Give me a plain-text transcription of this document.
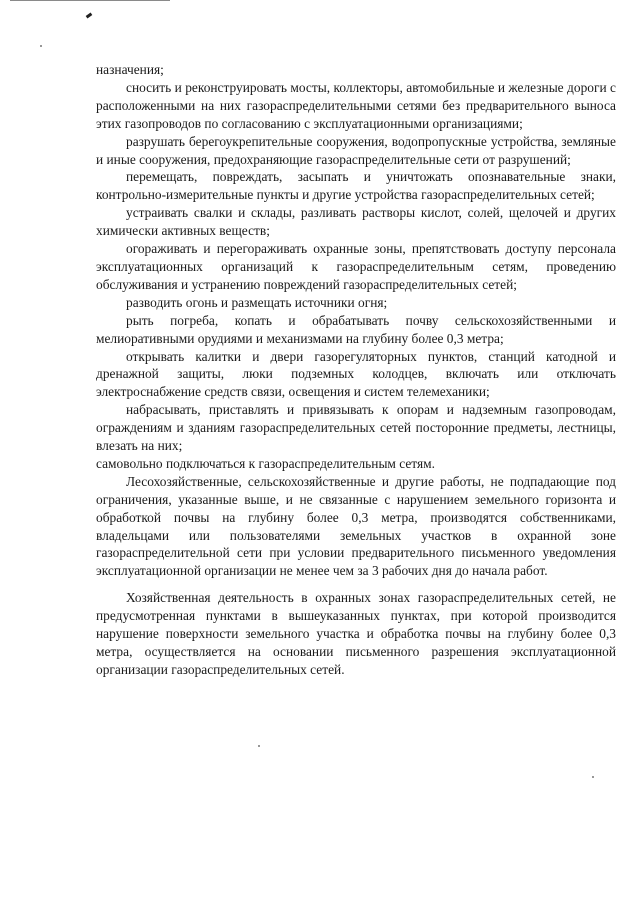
назначения;

сносить и реконструировать мосты, коллекторы, автомобильные и железные дороги с расположенными на них газораспределительными сетями без предварительного выноса этих газопроводов по согласованию с эксплуатационными организациями;

разрушать берегоукрепительные сооружения, водопропускные устройства, земляные и иные сооружения, предохраняющие газораспределительные сети от разрушений;

перемещать, повреждать, засыпать и уничтожать опознавательные знаки, контрольно-измерительные пункты и другие устройства газораспределительных сетей;

устраивать свалки и склады, разливать растворы кислот, солей, щелочей и других химически активных веществ;

огораживать и перегораживать охранные зоны, препятствовать доступу персонала эксплуатационных организаций к газораспределительным сетям, проведению обслуживания и устранению повреждений газораспределительных сетей;

разводить огонь и размещать источники огня;

рыть погреба, копать и обрабатывать почву сельскохозяйственными и мелиоративными орудиями и механизмами на глубину более 0,3 метра;

открывать калитки и двери газорегуляторных пунктов, станций катодной и дренажной защиты, люки подземных колодцев, включать или отключать электроснабжение средств связи, освещения и систем телемеханики;

набрасывать, приставлять и привязывать к опорам и надземным газопроводам, ограждениям и зданиям газораспределительных сетей посторонние предметы, лестницы, влезать на них;

самовольно подключаться к газораспределительным сетям.

Лесохозяйственные, сельскохозяйственные и другие работы, не подпадающие под ограничения, указанные выше, и не связанные с нарушением земельного горизонта и обработкой почвы на глубину более 0,3 метра, производятся собственниками, владельцами или пользователями земельных участков в охранной зоне газораспределительной сети при условии предварительного письменного уведомления эксплуатационной организации не менее чем за 3 рабочих дня до начала работ.

Хозяйственная деятельность в охранных зонах газораспределительных сетей, не предусмотренная пунктами в вышеуказанных пунктах, при которой производится нарушение поверхности земельного участка и обработка почвы на глубину более 0,3 метра, осуществляется на основании письменного разрешения эксплуатационной организации газораспределительных сетей.
